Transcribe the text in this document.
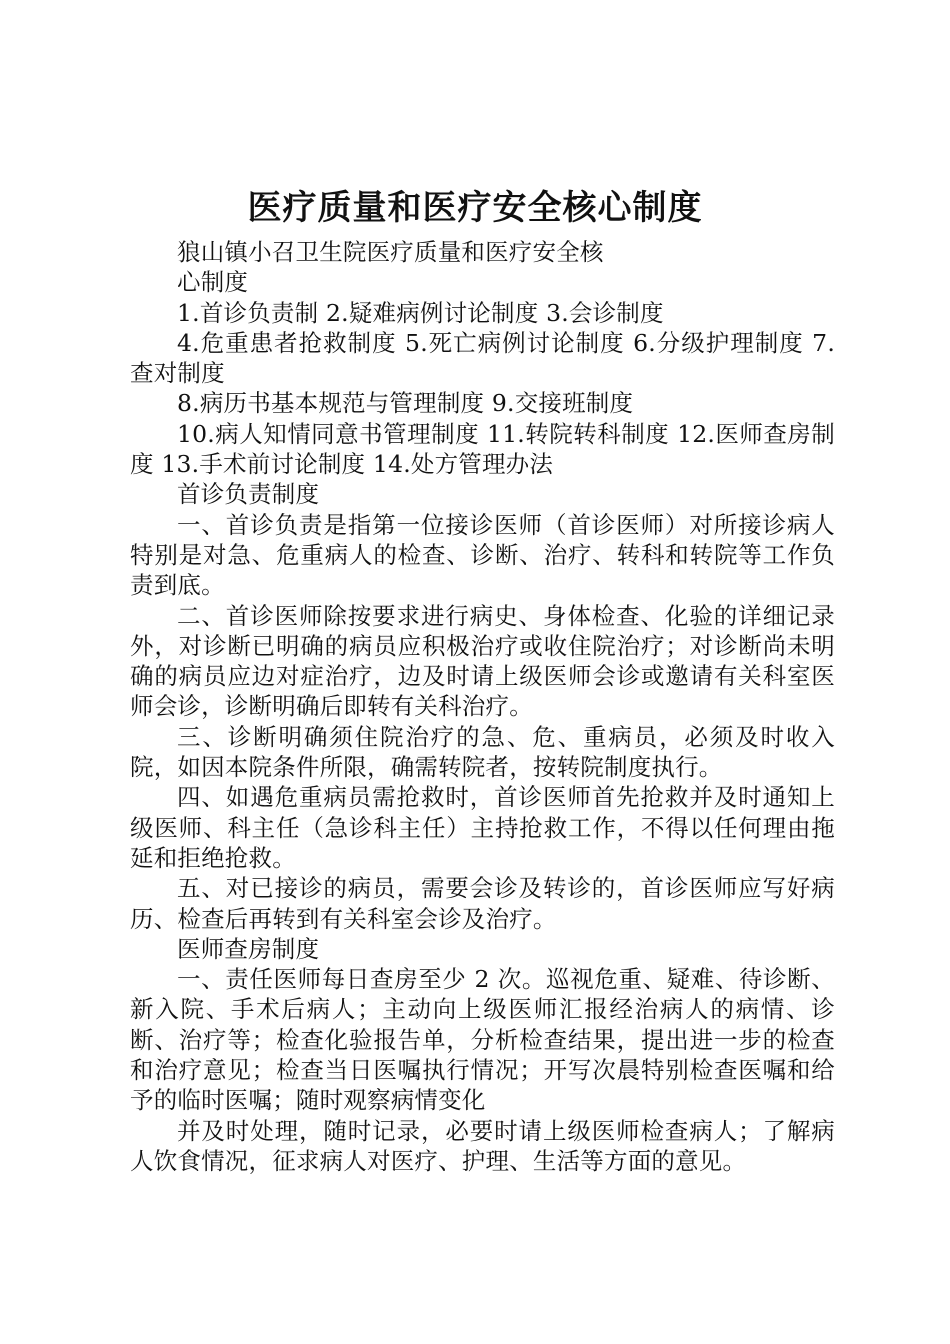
医疗质量和医疗安全核心制度

狼山镇小召卫生院医疗质量和医疗安全核

心制度

1.首诊负责制 2.疑难病例讨论制度 3.会诊制度

4.危重患者抢救制度 5.死亡病例讨论制度 6.分级护理制度 7.查对制度

8.病历书基本规范与管理制度 9.交接班制度

10.病人知情同意书管理制度 11.转院转科制度 12.医师查房制度 13.手术前讨论制度 14.处方管理办法

首诊负责制度

一、首诊负责是指第一位接诊医师（首诊医师）对所接诊病人特别是对急、危重病人的检查、诊断、治疗、转科和转院等工作负责到底。

二、首诊医师除按要求进行病史、身体检查、化验的详细记录外，对诊断已明确的病员应积极治疗或收住院治疗；对诊断尚未明确的病员应边对症治疗，边及时请上级医师会诊或邀请有关科室医师会诊，诊断明确后即转有关科治疗。

三、诊断明确须住院治疗的急、危、重病员，必须及时收入院，如因本院条件所限，确需转院者，按转院制度执行。

四、如遇危重病员需抢救时，首诊医师首先抢救并及时通知上级医师、科主任（急诊科主任）主持抢救工作，不得以任何理由拖延和拒绝抢救。

五、对已接诊的病员，需要会诊及转诊的，首诊医师应写好病历、检查后再转到有关科室会诊及治疗。

医师查房制度

一、责任医师每日查房至少 2 次。巡视危重、疑难、待诊断、新入院、手术后病人；主动向上级医师汇报经治病人的病情、诊断、治疗等；检查化验报告单，分析检查结果，提出进一步的检查和治疗意见；检查当日医嘱执行情况；开写次晨特别检查医嘱和给予的临时医嘱；随时观察病情变化

并及时处理，随时记录，必要时请上级医师检查病人；了解病人饮食情况，征求病人对医疗、护理、生活等方面的意见。
